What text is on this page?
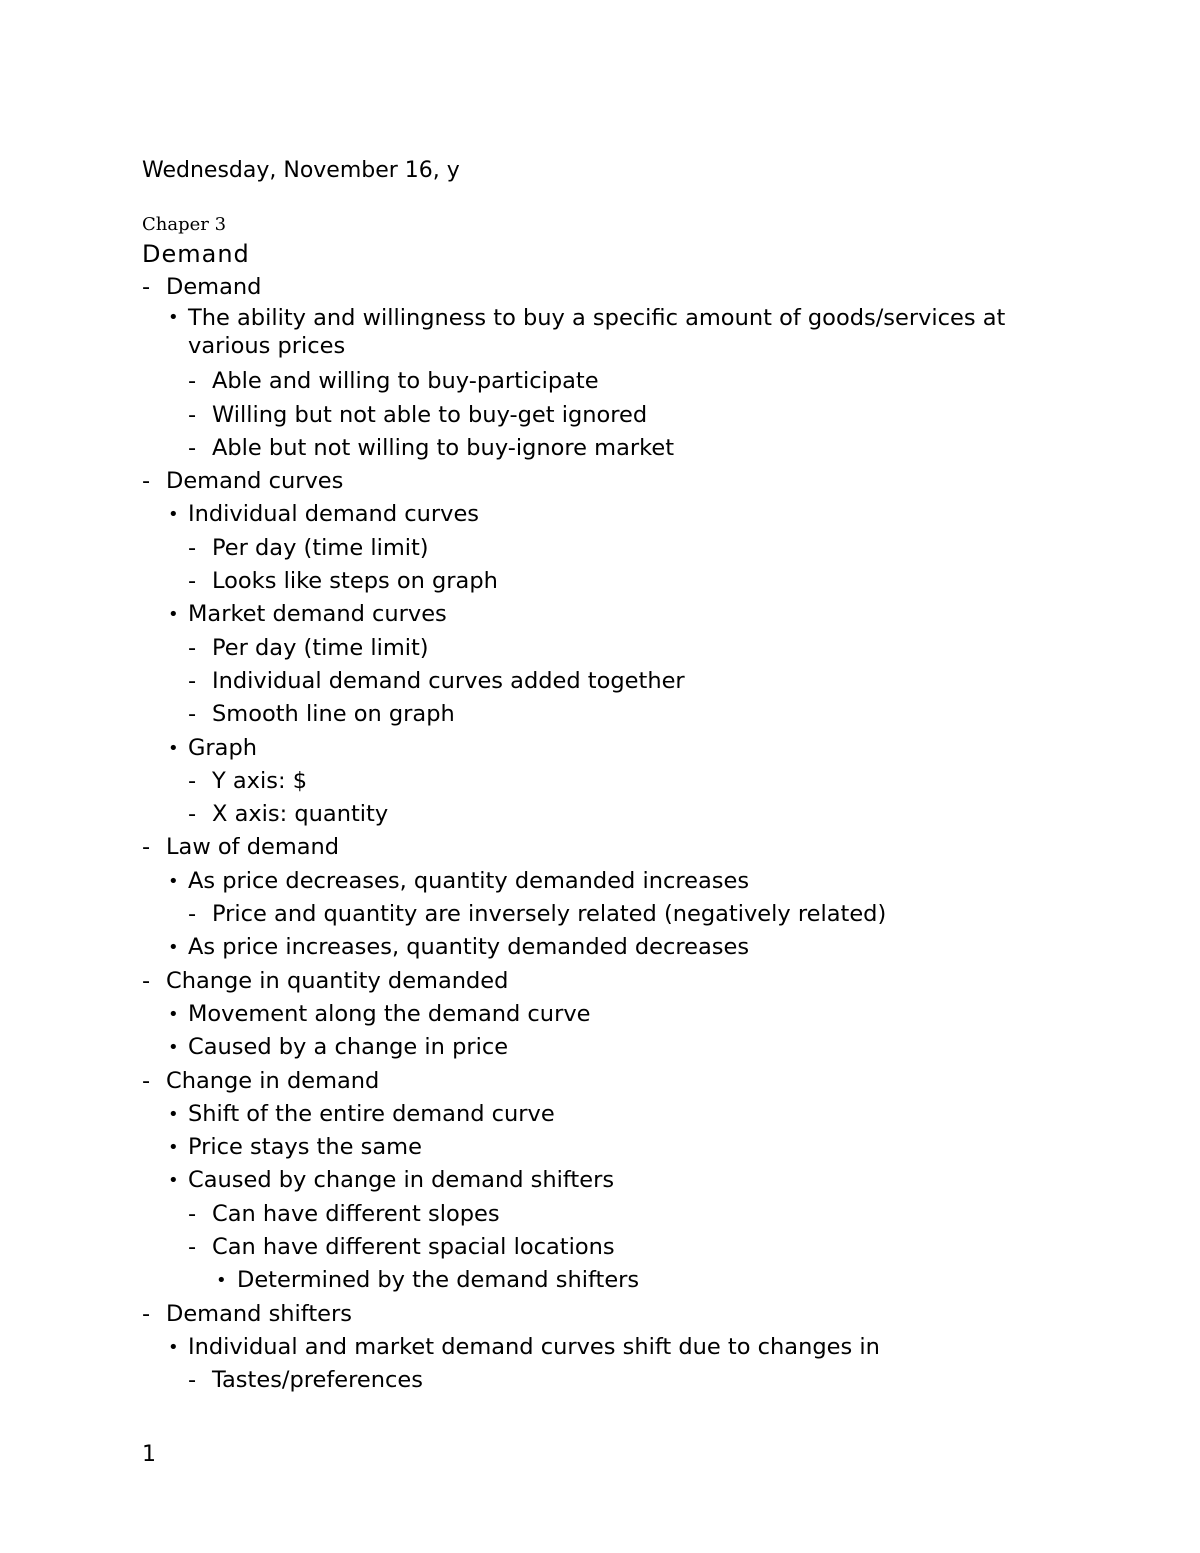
Wednesday, November 16, y
Chaper 3
Demand
- Demand
• The ability and willingness to buy a specific amount of goods/services at various prices
- Able and willing to buy-participate
- Willing but not able to buy-get ignored
- Able but not willing to buy-ignore market
- Demand curves
• Individual demand curves
- Per day (time limit)
- Looks like steps on graph
• Market demand curves
- Per day (time limit)
- Individual demand curves added together
- Smooth line on graph
• Graph
- Y axis: $
- X axis: quantity
- Law of demand
• As price decreases, quantity demanded increases
- Price and quantity are inversely related (negatively related)
• As price increases, quantity demanded decreases
- Change in quantity demanded
• Movement along the demand curve
• Caused by a change in price
- Change in demand
• Shift of the entire demand curve
• Price stays the same
• Caused by change in demand shifters
- Can have different slopes
- Can have different spacial locations
• Determined by the demand shifters
- Demand shifters
• Individual and market demand curves shift due to changes in
- Tastes/preferences
1
